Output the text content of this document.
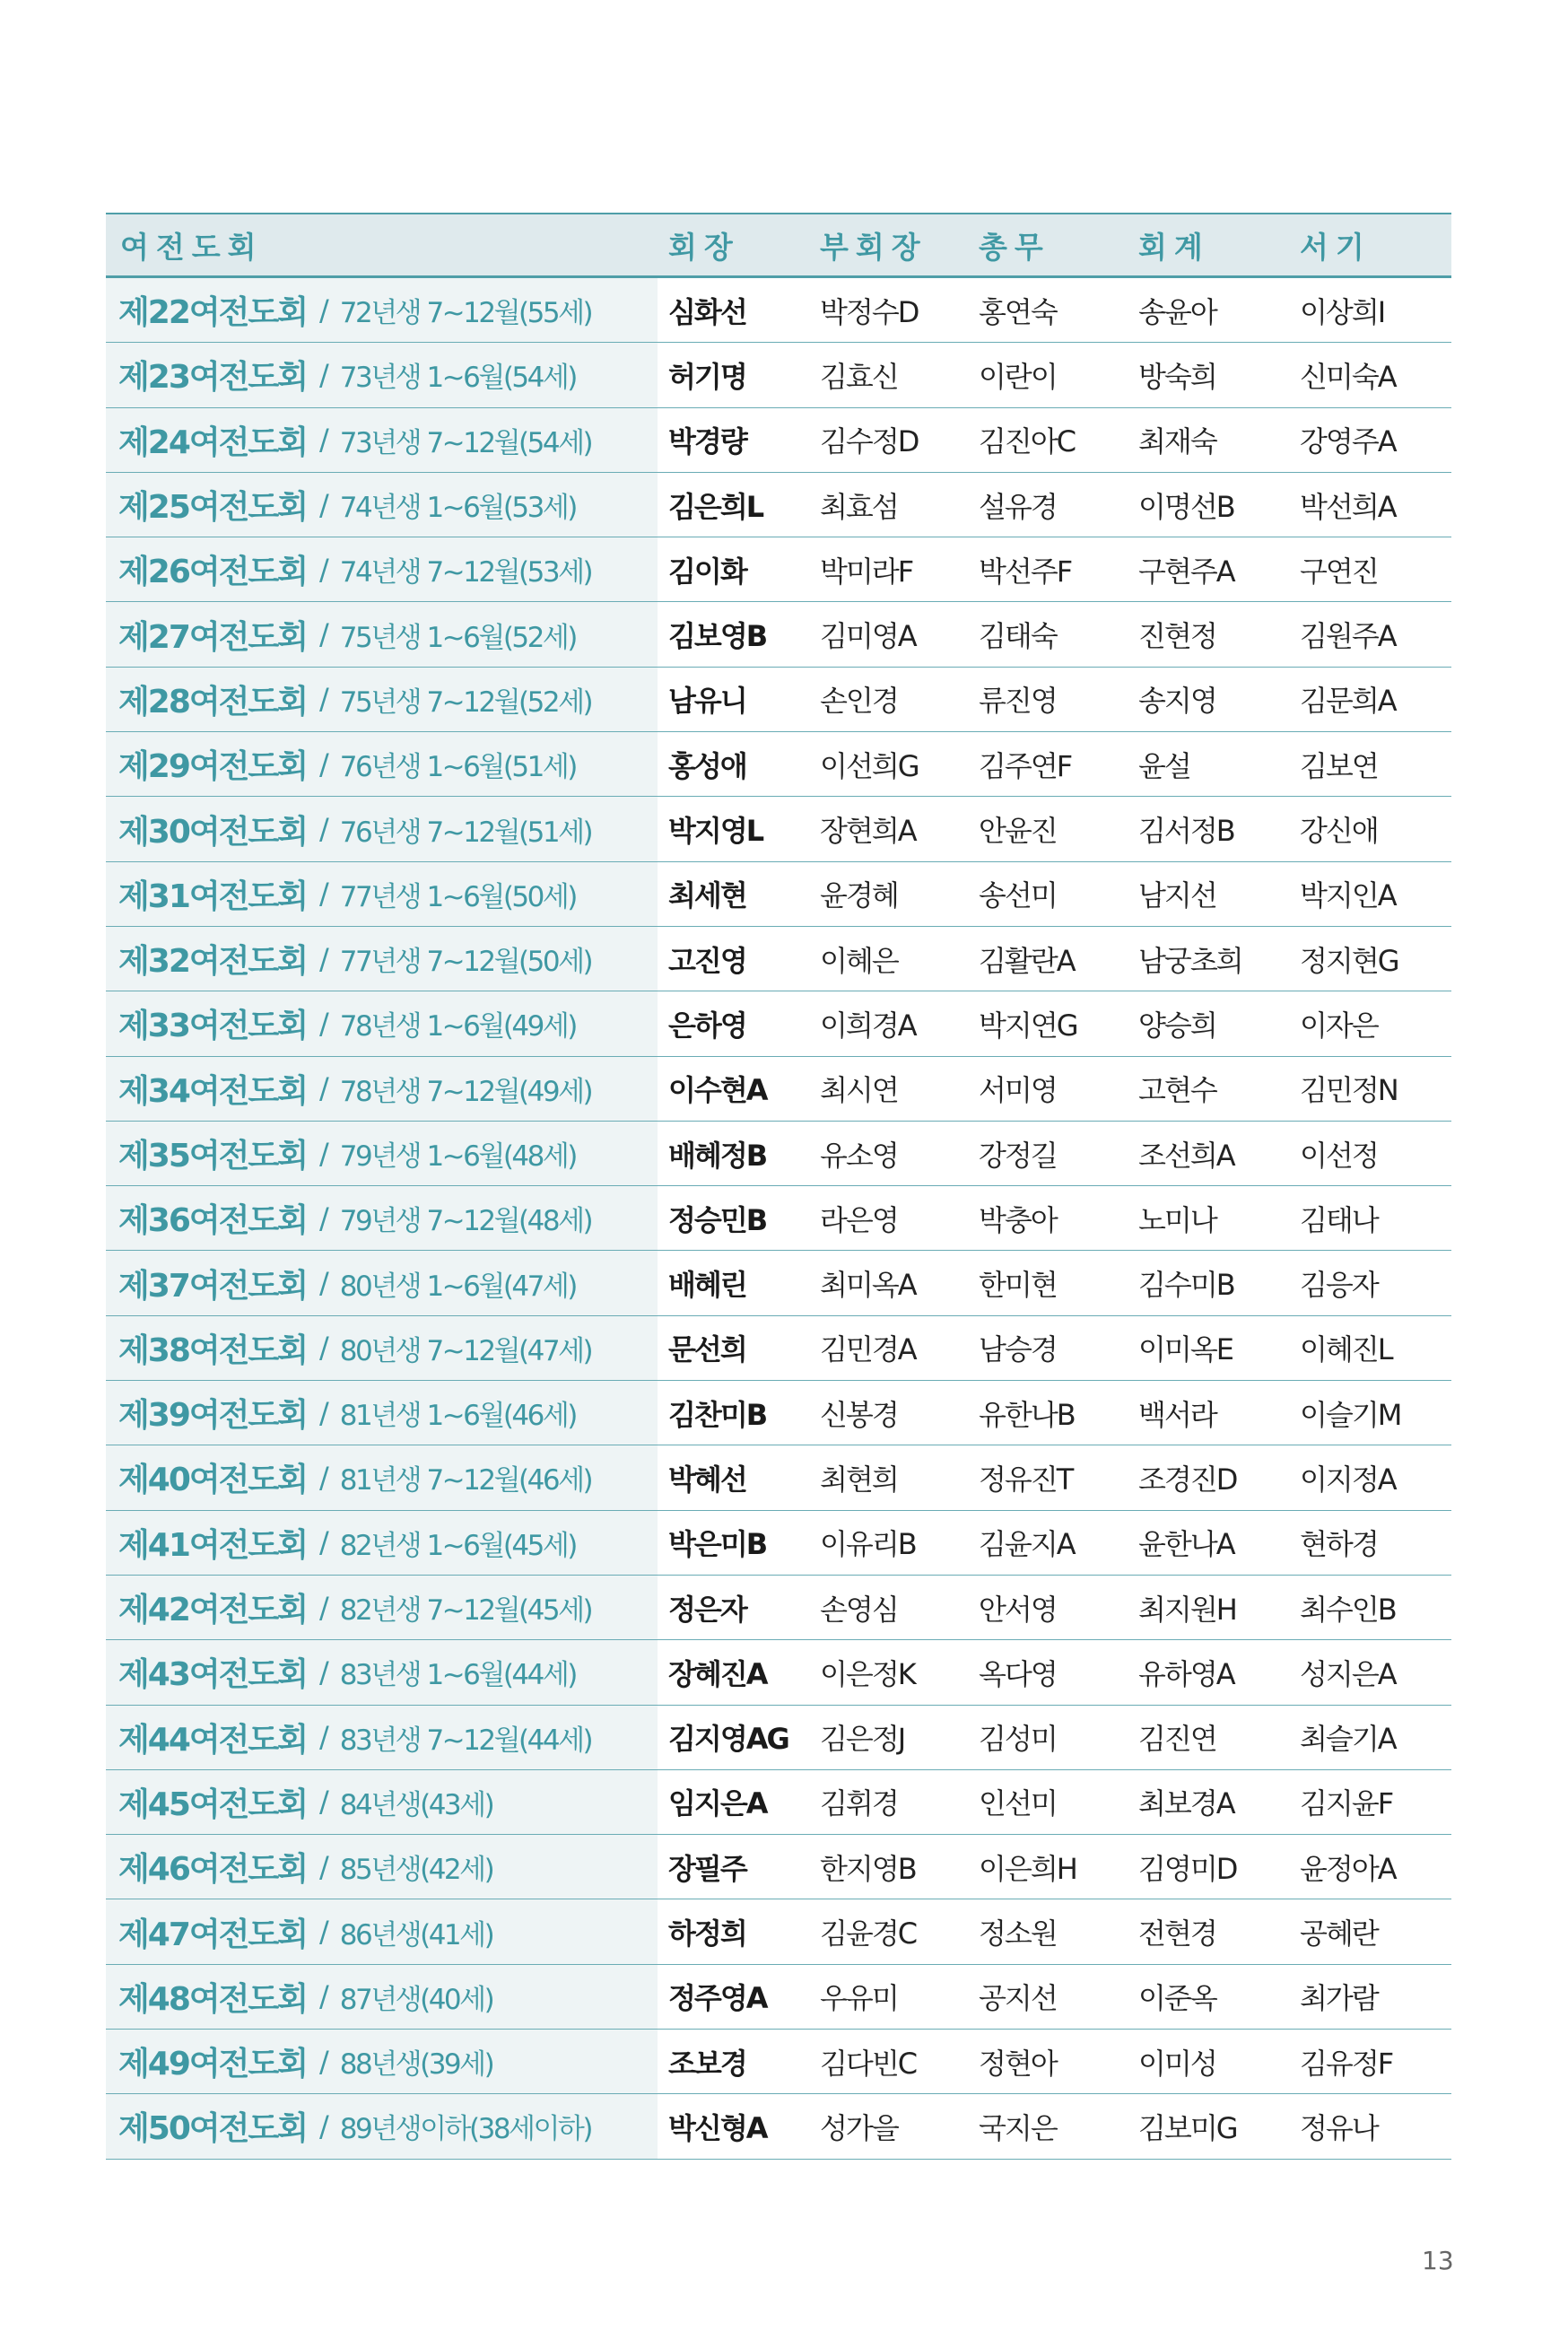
여전도회	회장	부회장	총무	회계	서기
제22여전도회 / 72년생 7~12월(55세)	심화선	박정수D	홍연숙	송윤아	이상희I
제23여전도회 / 73년생 1~6월(54세)	허기명	김효신	이란이	방숙희	신미숙A
제24여전도회 / 73년생 7~12월(54세)	박경량	김수정D	김진아C	최재숙	강영주A
제25여전도회 / 74년생 1~6월(53세)	김은희L	최효섬	설유경	이명선B	박선희A
제26여전도회 / 74년생 7~12월(53세)	김이화	박미라F	박선주F	구현주A	구연진
제27여전도회 / 75년생 1~6월(52세)	김보영B	김미영A	김태숙	진현정	김원주A
제28여전도회 / 75년생 7~12월(52세)	남유니	손인경	류진영	송지영	김문희A
제29여전도회 / 76년생 1~6월(51세)	홍성애	이선희G	김주연F	윤설	김보연
제30여전도회 / 76년생 7~12월(51세)	박지영L	장현희A	안윤진	김서정B	강신애
제31여전도회 / 77년생 1~6월(50세)	최세현	윤경혜	송선미	남지선	박지인A
제32여전도회 / 77년생 7~12월(50세)	고진영	이혜은	김활란A	남궁초희	정지현G
제33여전도회 / 78년생 1~6월(49세)	은하영	이희경A	박지연G	양승희	이자은
제34여전도회 / 78년생 7~12월(49세)	이수현A	최시연	서미영	고현수	김민정N
제35여전도회 / 79년생 1~6월(48세)	배혜정B	유소영	강정길	조선희A	이선정
제36여전도회 / 79년생 7~12월(48세)	정승민B	라은영	박충아	노미나	김태나
제37여전도회 / 80년생 1~6월(47세)	배혜린	최미옥A	한미현	김수미B	김응자
제38여전도회 / 80년생 7~12월(47세)	문선희	김민경A	남승경	이미옥E	이혜진L
제39여전도회 / 81년생 1~6월(46세)	김찬미B	신봉경	유한나B	백서라	이슬기M
제40여전도회 / 81년생 7~12월(46세)	박혜선	최현희	정유진T	조경진D	이지정A
제41여전도회 / 82년생 1~6월(45세)	박은미B	이유리B	김윤지A	윤한나A	현하경
제42여전도회 / 82년생 7~12월(45세)	정은자	손영심	안서영	최지원H	최수인B
제43여전도회 / 83년생 1~6월(44세)	장혜진A	이은정K	옥다영	유하영A	성지은A
제44여전도회 / 83년생 7~12월(44세)	김지영AG	김은정J	김성미	김진연	최슬기A
제45여전도회 / 84년생(43세)	임지은A	김휘경	인선미	최보경A	김지윤F
제46여전도회 / 85년생(42세)	장필주	한지영B	이은희H	김영미D	윤정아A
제47여전도회 / 86년생(41세)	하정희	김윤경C	정소원	전현경	공혜란
제48여전도회 / 87년생(40세)	정주영A	우유미	공지선	이준옥	최가람
제49여전도회 / 88년생(39세)	조보경	김다빈C	정현아	이미성	김유정F
제50여전도회 / 89년생이하(38세이하)	박신형A	성가을	국지은	김보미G	정유나
13
